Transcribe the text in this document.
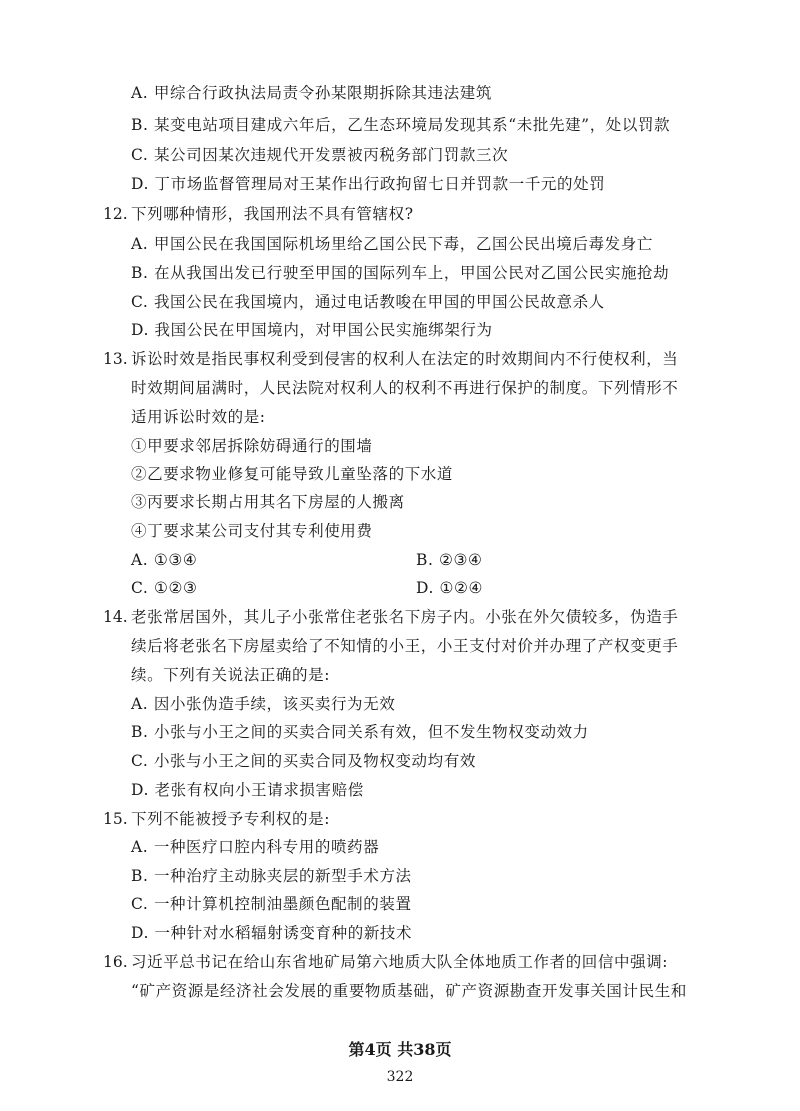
A. 甲综合行政执法局责令孙某限期拆除其违法建筑
B. 某变电站项目建成六年后，乙生态环境局发现其系“未批先建”，处以罚款
C. 某公司因某次违规代开发票被丙税务部门罚款三次
D. 丁市场监督管理局对王某作出行政拘留七日并罚款一千元的处罚
12. 下列哪种情形，我国刑法不具有管辖权?
A. 甲国公民在我国国际机场里给乙国公民下毒，乙国公民出境后毒发身亡
B. 在从我国出发已行驶至甲国的国际列车上，甲国公民对乙国公民实施抢劫
C. 我国公民在我国境内，通过电话教唆在甲国的甲国公民故意杀人
D. 我国公民在甲国境内，对甲国公民实施绑架行为
13. 诉讼时效是指民事权利受到侵害的权利人在法定的时效期间内不行使权利，当
时效期间届满时，人民法院对权利人的权利不再进行保护的制度。下列情形不
适用诉讼时效的是:
①甲要求邻居拆除妨碍通行的围墙
②乙要求物业修复可能导致儿童坠落的下水道
③丙要求长期占用其名下房屋的人搬离
④丁要求某公司支付其专利使用费
A. ①③④	B. ②③④
C. ①②③	D. ①②④
14. 老张常居国外，其儿子小张常住老张名下房子内。小张在外欠债较多，伪造手
续后将老张名下房屋卖给了不知情的小王，小王支付对价并办理了产权变更手
续。下列有关说法正确的是:
A. 因小张伪造手续，该买卖行为无效
B. 小张与小王之间的买卖合同关系有效，但不发生物权变动效力
C. 小张与小王之间的买卖合同及物权变动均有效
D. 老张有权向小王请求损害赔偿
15. 下列不能被授予专利权的是:
A. 一种医疗口腔内科专用的喷药器
B. 一种治疗主动脉夹层的新型手术方法
C. 一种计算机控制油墨颜色配制的装置
D. 一种针对水稻辐射诱变育种的新技术
16. 习近平总书记在给山东省地矿局第六地质大队全体地质工作者的回信中强调:
“矿产资源是经济社会发展的重要物质基础，矿产资源勘查开发事关国计民生和
第4页 共38页
322
